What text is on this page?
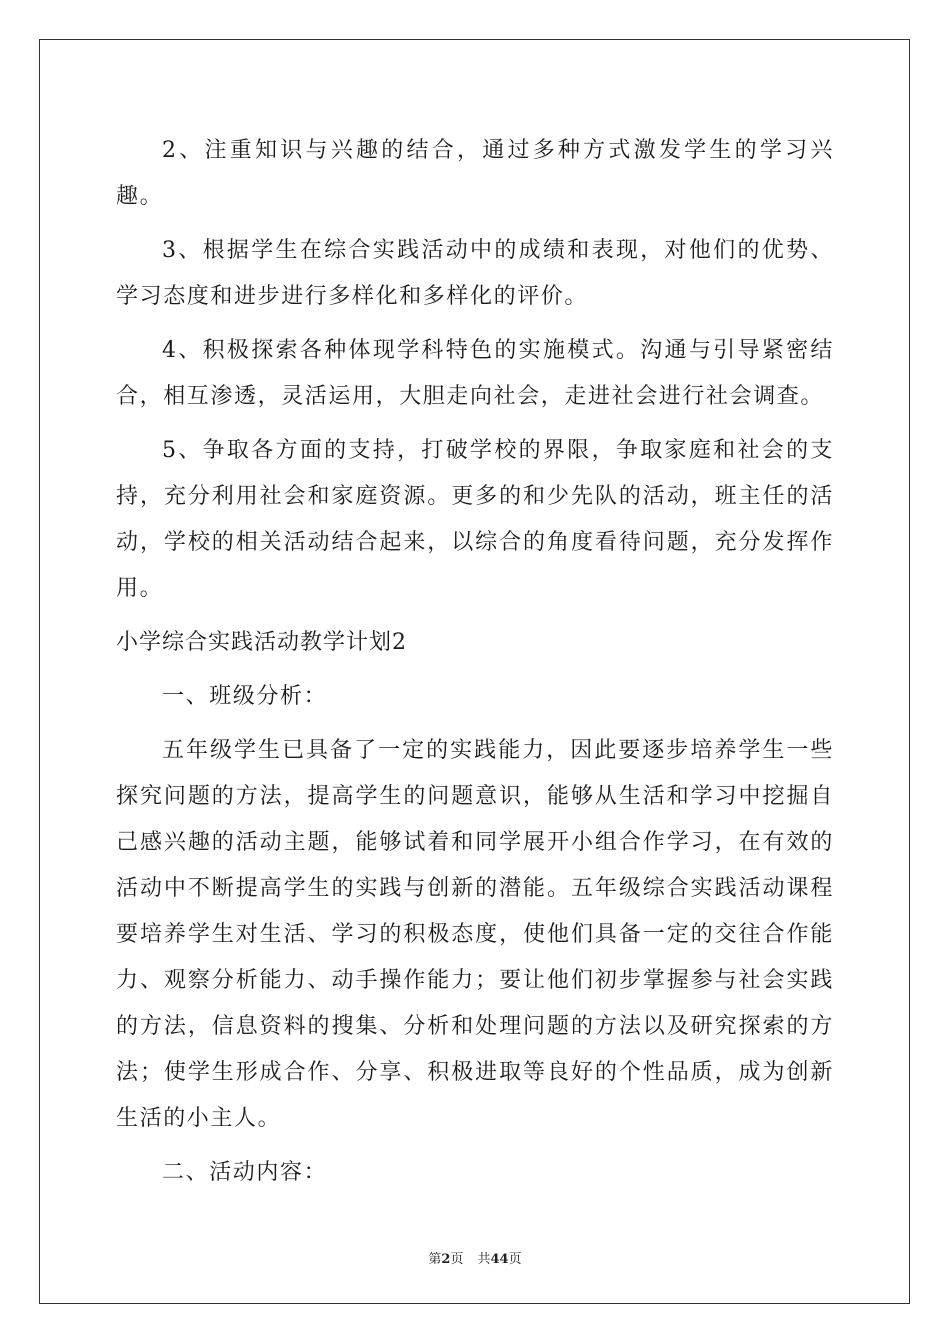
2、注重知识与兴趣的结合，通过多种方式激发学生的学习兴趣。

3、根据学生在综合实践活动中的成绩和表现，对他们的优势、学习态度和进步进行多样化和多样化的评价。

4、积极探索各种体现学科特色的实施模式。沟通与引导紧密结合，相互渗透，灵活运用，大胆走向社会，走进社会进行社会调查。

5、争取各方面的支持，打破学校的界限，争取家庭和社会的支持，充分利用社会和家庭资源。更多的和少先队的活动，班主任的活动，学校的相关活动结合起来，以综合的角度看待问题，充分发挥作用。

小学综合实践活动教学计划2

一、班级分析：

五年级学生已具备了一定的实践能力，因此要逐步培养学生一些探究问题的方法，提高学生的问题意识，能够从生活和学习中挖掘自己感兴趣的活动主题，能够试着和同学展开小组合作学习，在有效的活动中不断提高学生的实践与创新的潜能。五年级综合实践活动课程要培养学生对生活、学习的积极态度，使他们具备一定的交往合作能力、观察分析能力、动手操作能力；要让他们初步掌握参与社会实践的方法，信息资料的搜集、分析和处理问题的方法以及研究探索的方法；使学生形成合作、分享、积极进取等良好的个性品质，成为创新生活的小主人。

二、活动内容：

第2页 共44页
